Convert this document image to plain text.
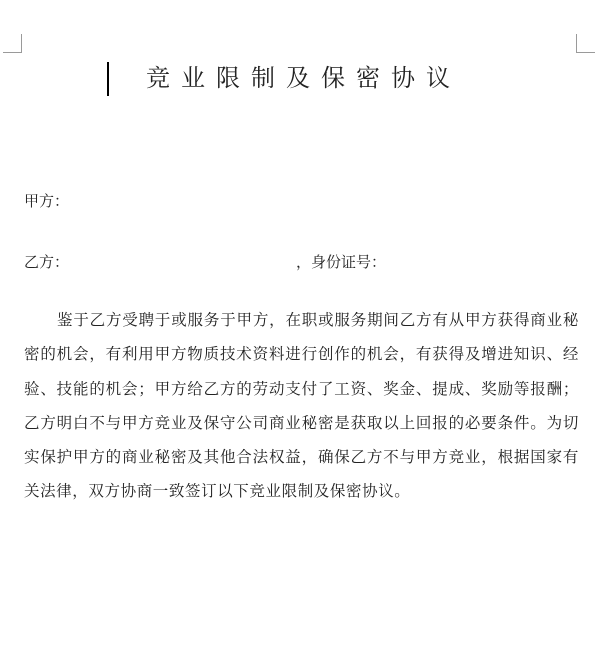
竞业限制及保密协议
甲方：
乙方：	，身份证号：

鉴于乙方受聘于或服务于甲方，在职或服务期间乙方有从甲方获得商业秘密的机会，有利用甲方物质技术资料进行创作的机会，有获得及增进知识、经验、技能的机会；甲方给乙方的劳动支付了工资、奖金、提成、奖励等报酬；乙方明白不与甲方竞业及保守公司商业秘密是获取以上回报的必要条件。为切实保护甲方的商业秘密及其他合法权益，确保乙方不与甲方竞业，根据国家有关法律，双方协商一致签订以下竞业限制及保密协议。
